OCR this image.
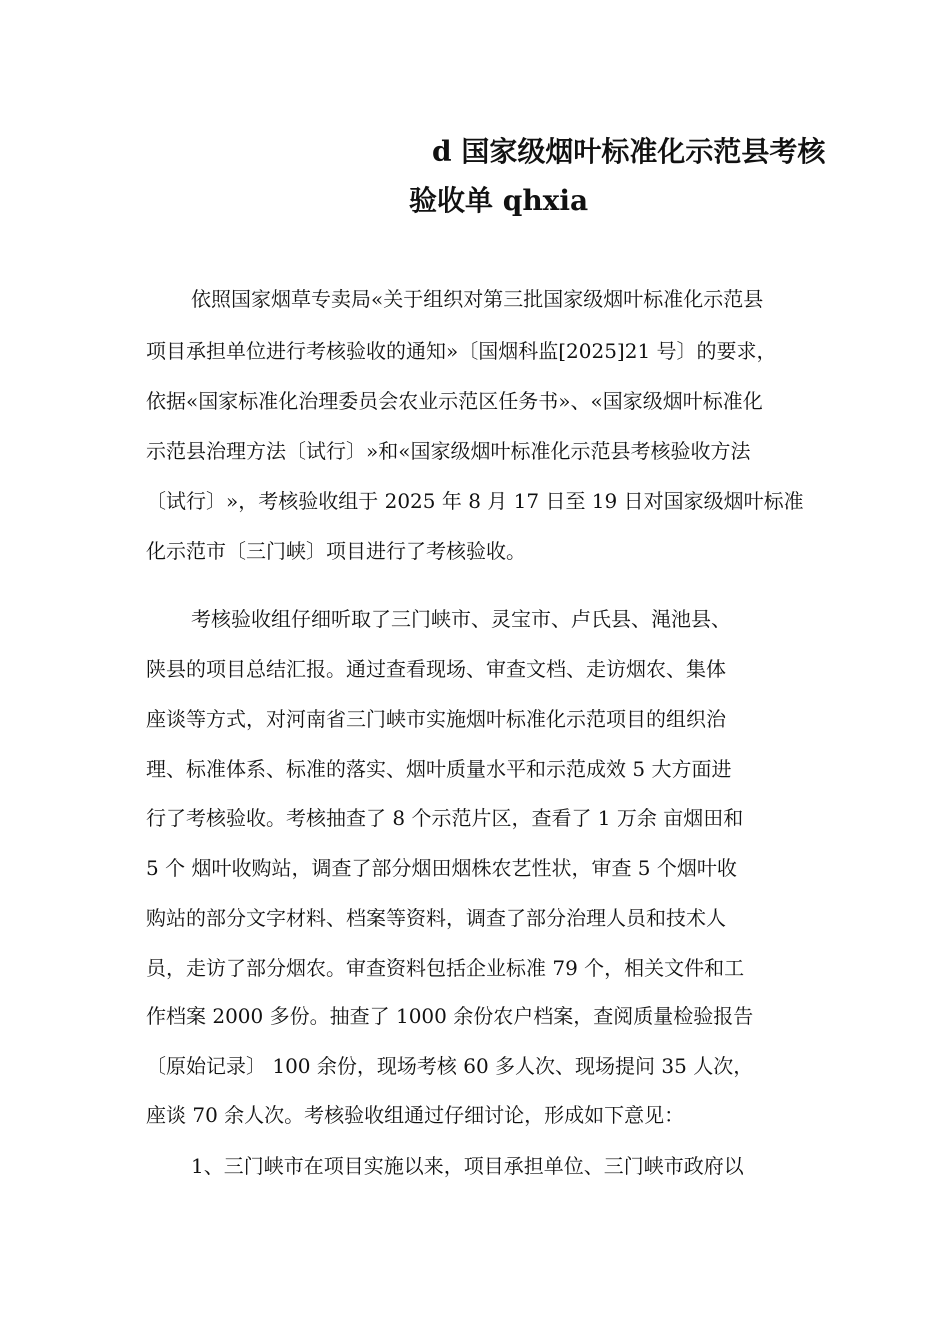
d 国家级烟叶标准化示范县考核
验收单 qhxia
依照国家烟草专卖局«关于组织对第三批国家级烟叶标准化示范县
项目承担单位进行考核验收的通知»〔国烟科监[2025]21 号〕的要求，
依据«国家标准化治理委员会农业示范区任务书»、«国家级烟叶标准化
示范县治理方法〔试行〕»和«国家级烟叶标准化示范县考核验收方法
〔试行〕»，考核验收组于 2025 年 8 月 17 日至 19 日对国家级烟叶标准
化示范市〔三门峡〕项目进行了考核验收。
考核验收组仔细听取了三门峡市、灵宝市、卢氏县、渑池县、
陕县的项目总结汇报。通过查看现场、审查文档、走访烟农、集体
座谈等方式，对河南省三门峡市实施烟叶标准化示范项目的组织治
理、标准体系、标准的落实、烟叶质量水平和示范成效 5 大方面进
行了考核验收。考核抽查了 8 个示范片区，查看了 1 万余 亩烟田和
5 个 烟叶收购站，调查了部分烟田烟株农艺性状，审查 5 个烟叶收
购站的部分文字材料、档案等资料，调查了部分治理人员和技术人
员，走访了部分烟农。审查资料包括企业标准 79 个，相关文件和工
作档案 2000 多份。抽查了 1000 余份农户档案，查阅质量检验报告
〔原始记录〕 100 余份，现场考核 60 多人次、现场提问 35 人次，
座谈 70 余人次。考核验收组通过仔细讨论，形成如下意见：
1、三门峡市在项目实施以来，项目承担单位、三门峡市政府以
